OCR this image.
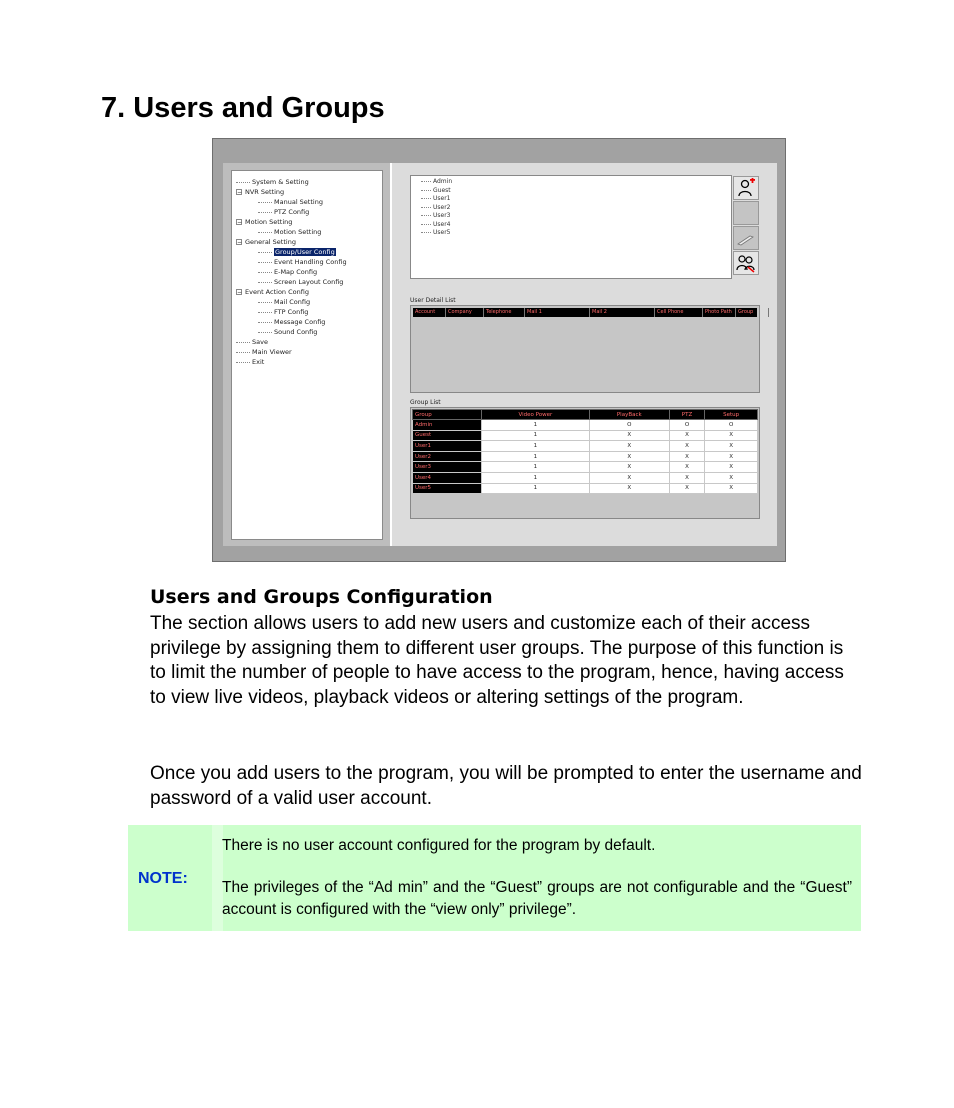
7. Users and Groups
System & Setting
− NVR Setting
Manual Setting
PTZ Config
− Motion Setting
Motion Setting
− General Setting
Group/User Config
Event Handling Config
E-Map Config
Screen Layout Config
− Event Action Config
Mail Config
FTP Config
Message Config
Sound Config
Save
Main Viewer
Exit
Admin
Guest
User1
User2
User3
User4
User5
User Detail List
Account	Company	Telephone	Mail 1	Mail 2	Cell Phone	Photo Path	Group
Group List
Group	Video Power	PlayBack	PTZ	Setup
Admin	1	O	O	O
Guest	1	X	X	X
User1	1	X	X	X
User2	1	X	X	X
User3	1	X	X	X
User4	1	X	X	X
User5	1	X	X	X
Users and Groups Configuration

The section allows users to add new users and customize each of their access privilege by assigning them to different user groups. The purpose of this function is to limit the number of people to have access to the program, hence, having access to view live videos, playback videos or altering settings of the program.

Once you add users to the program, you will be prompted to enter the username and password of a valid user account.

NOTE:

There is no user account configured for the program by default.

The privileges of the “Ad min” and the “Guest” groups are not configurable and the “Guest” account is configured with the “view only” privilege”.
